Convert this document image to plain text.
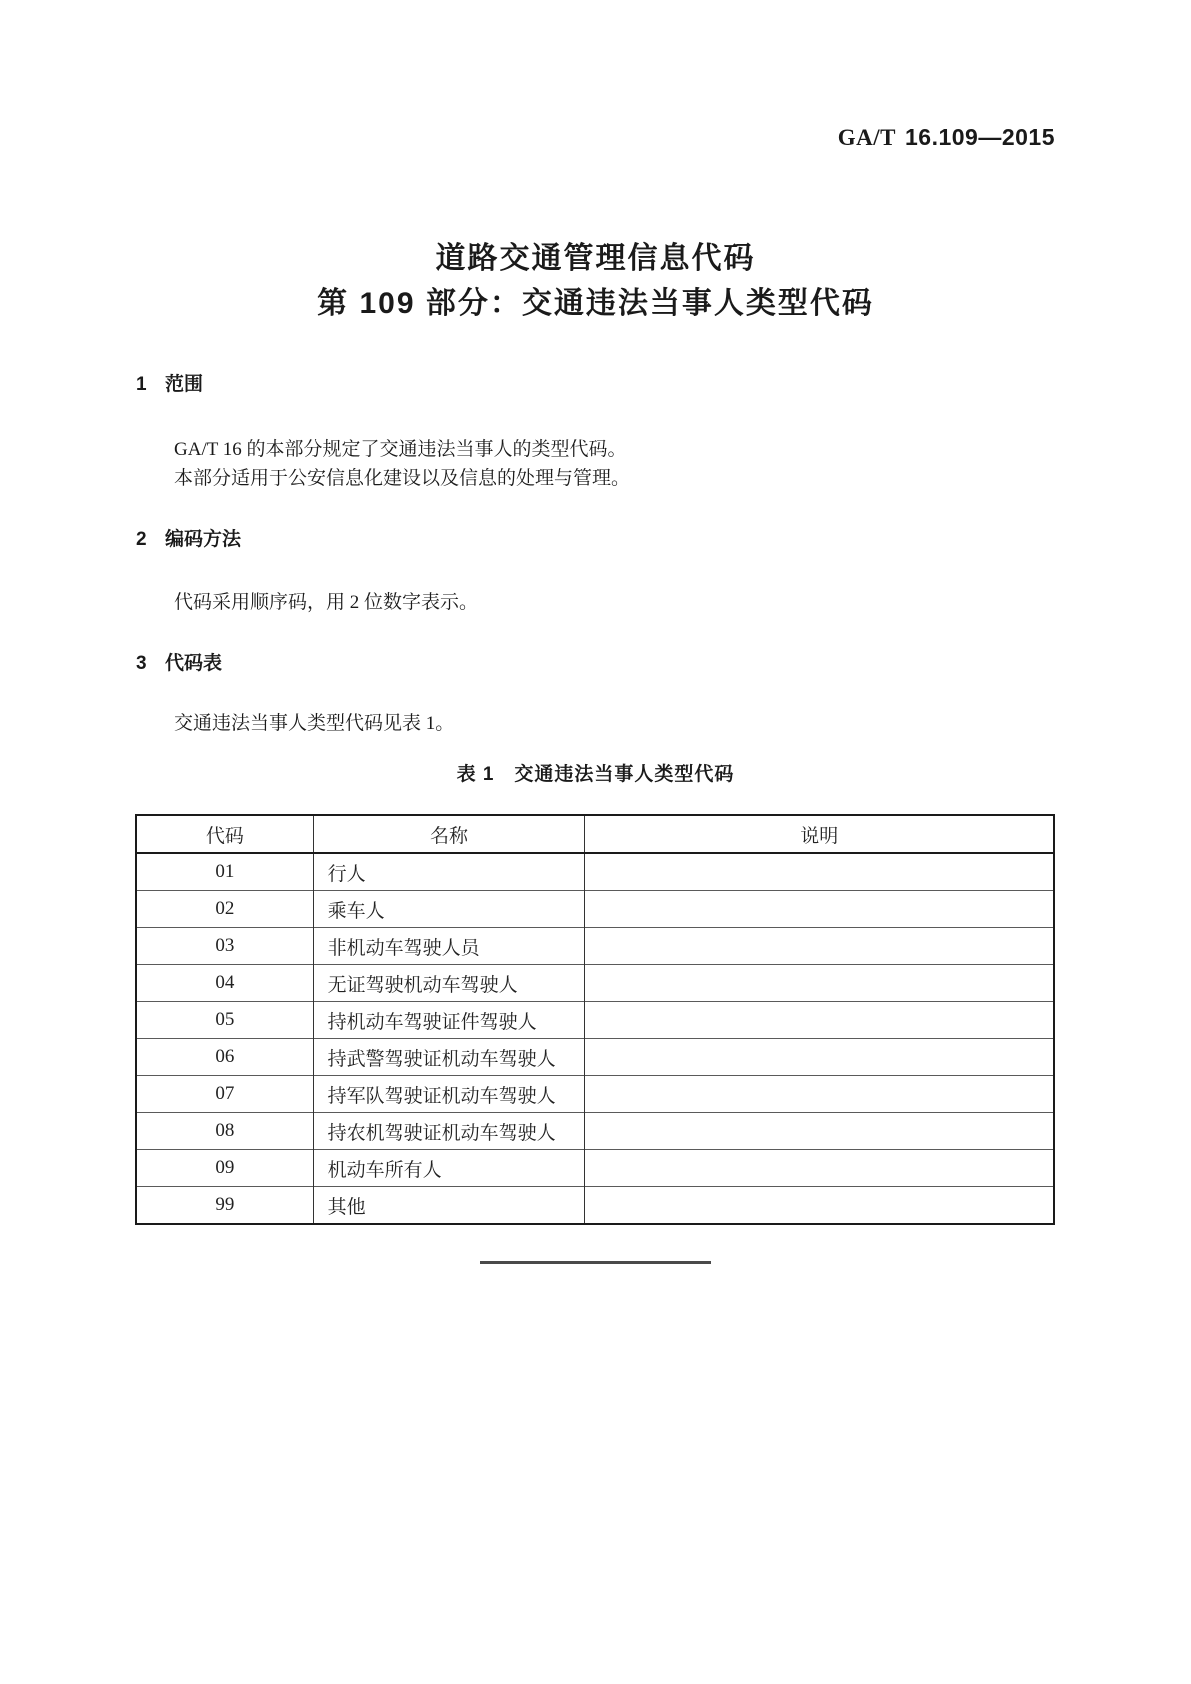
GA/T 16.109—2015
道路交通管理信息代码
第 109 部分：交通违法当事人类型代码
1 范围

GA/T 16 的本部分规定了交通违法当事人的类型代码。

本部分适用于公安信息化建设以及信息的处理与管理。

2 编码方法

代码采用顺序码，用 2 位数字表示。

3 代码表

交通违法当事人类型代码见表 1。

表 1　交通违法当事人类型代码
代码	名称	说明
01	行人	
02	乘车人	
03	非机动车驾驶人员	
04	无证驾驶机动车驾驶人	
05	持机动车驾驶证件驾驶人	
06	持武警驾驶证机动车驾驶人	
07	持军队驾驶证机动车驾驶人	
08	持农机驾驶证机动车驾驶人	
09	机动车所有人	
99	其他	
